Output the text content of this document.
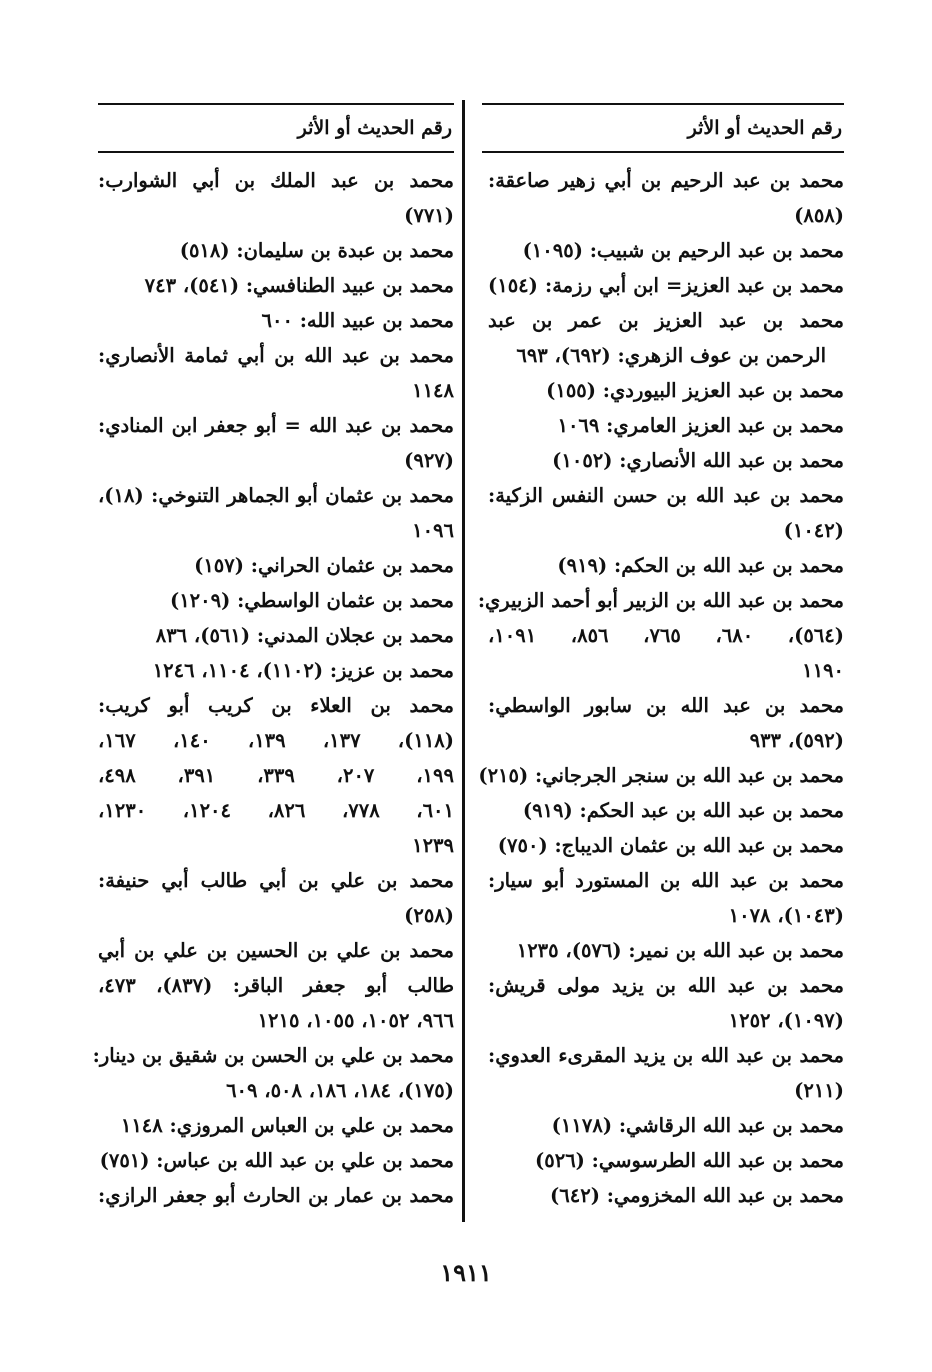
رقم الحديث أو الأثر
محمد بن عبد الرحيم بن أبي زهير صاعقة:
(٨٥٨)
محمد بن عبد الرحيم بن شبيب: (١٠٩٥)
محمد بن عبد العزيز= ابن أبي رزمة: (١٥٤)
محمد بن عبد العزيز بن عمر بن عبد
الرحمن بن عوف الزهري: (٦٩٢)، ٦٩٣
محمد بن عبد العزيز البيوردي: (١٥٥)
محمد بن عبد العزيز العامري: ١٠٦٩
محمد بن عبد الله الأنصاري: (١٠٥٢)
محمد بن عبد الله بن حسن النفس الزكية:
(١٠٤٢)
محمد بن عبد الله بن الحكم: (٩١٩)
محمد بن عبد الله بن الزبير أبو أحمد الزبيري:
(٥٦٤)، ٦٨٠، ٧٦٥، ٨٥٦، ١٠٩١،
١١٩٠
محمد بن عبد الله بن سابور الواسطي:
(٥٩٢)، ٩٣٣
محمد بن عبد الله بن سنجر الجرجاني: (٢١٥)
محمد بن عبد الله بن عبد الحكم: (٩١٩)
محمد بن عبد الله بن عثمان الديباج: (٧٥٠)
محمد بن عبد الله بن المستورد أبو سيار:
(١٠٤٣)، ١٠٧٨
محمد بن عبد الله بن نمير: (٥٧٦)، ١٢٣٥
محمد بن عبد الله بن يزيد مولى قريش:
(١٠٩٧)، ١٢٥٢
محمد بن عبد الله بن يزيد المقرىء العدوي:
(٢١١)
محمد بن عبد الله الرقاشي: (١١٧٨)
محمد بن عبد الله الطرسوسي: (٥٢٦)
محمد بن عبد الله المخزومي: (٦٤٢)
رقم الحديث أو الأثر
محمد بن عبد الملك بن أبي الشوارب:
(٧٧١)
محمد بن عبدة بن سليمان: (٥١٨)
محمد بن عبيد الطنافسي: (٥٤١)، ٧٤٣
محمد بن عبيد الله: ٦٠٠
محمد بن عبد الله بن أبي ثمامة الأنصاري:
١١٤٨
محمد بن عبد الله = أبو جعفر ابن المنادي:
(٩٢٧)
محمد بن عثمان أبو الجماهر التنوخي: (١٨)،
١٠٩٦
محمد بن عثمان الحراني: (١٥٧)
محمد بن عثمان الواسطي: (١٢٠٩)
محمد بن عجلان المدني: (٥٦١)، ٨٣٦
محمد بن عزيز: (١١٠٢)، ١١٠٤، ١٢٤٦
محمد بن العلاء بن كريب أبو كريب:
(١١٨)، ١٣٧، ١٣٩، ١٤٠، ١٦٧،
١٩٩، ٢٠٧، ٣٣٩، ٣٩١، ٤٩٨،
٦٠١، ٧٧٨، ٨٢٦، ١٢٠٤، ١٢٣٠،
١٢٣٩
محمد بن علي بن أبي طالب أبي حنيفة:
(٢٥٨)
محمد بن علي بن الحسين بن علي بن أبي
طالب أبو جعفر الباقر: (٨٣٧)، ٤٧٣،
٩٦٦، ١٠٥٢، ١٠٥٥، ١٢١٥
محمد بن علي بن الحسن بن شقيق بن دينار:
(١٧٥)، ١٨٤، ١٨٦، ٥٠٨، ٦٠٩
محمد بن علي بن العباس المروزي: ١١٤٨
محمد بن علي بن عبد الله بن عباس: (٧٥١)
محمد بن عمار بن الحارث أبو جعفر الرازي:
١٩١١
